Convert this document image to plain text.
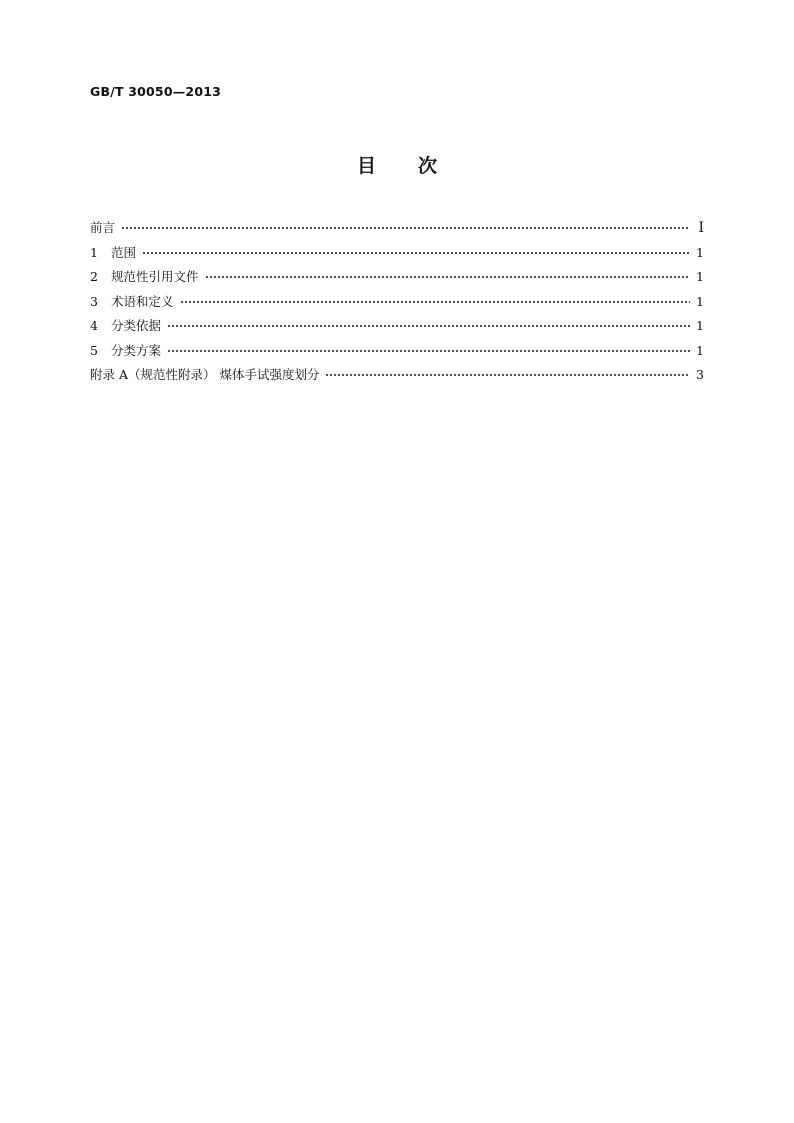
GB/T 30050—2013
目 次
前言	I
1	范围	1
2	规范性引用文件	1
3	术语和定义	1
4	分类依据	1
5	分类方案	1
附录 A（规范性附录） 煤体手试强度划分	3
